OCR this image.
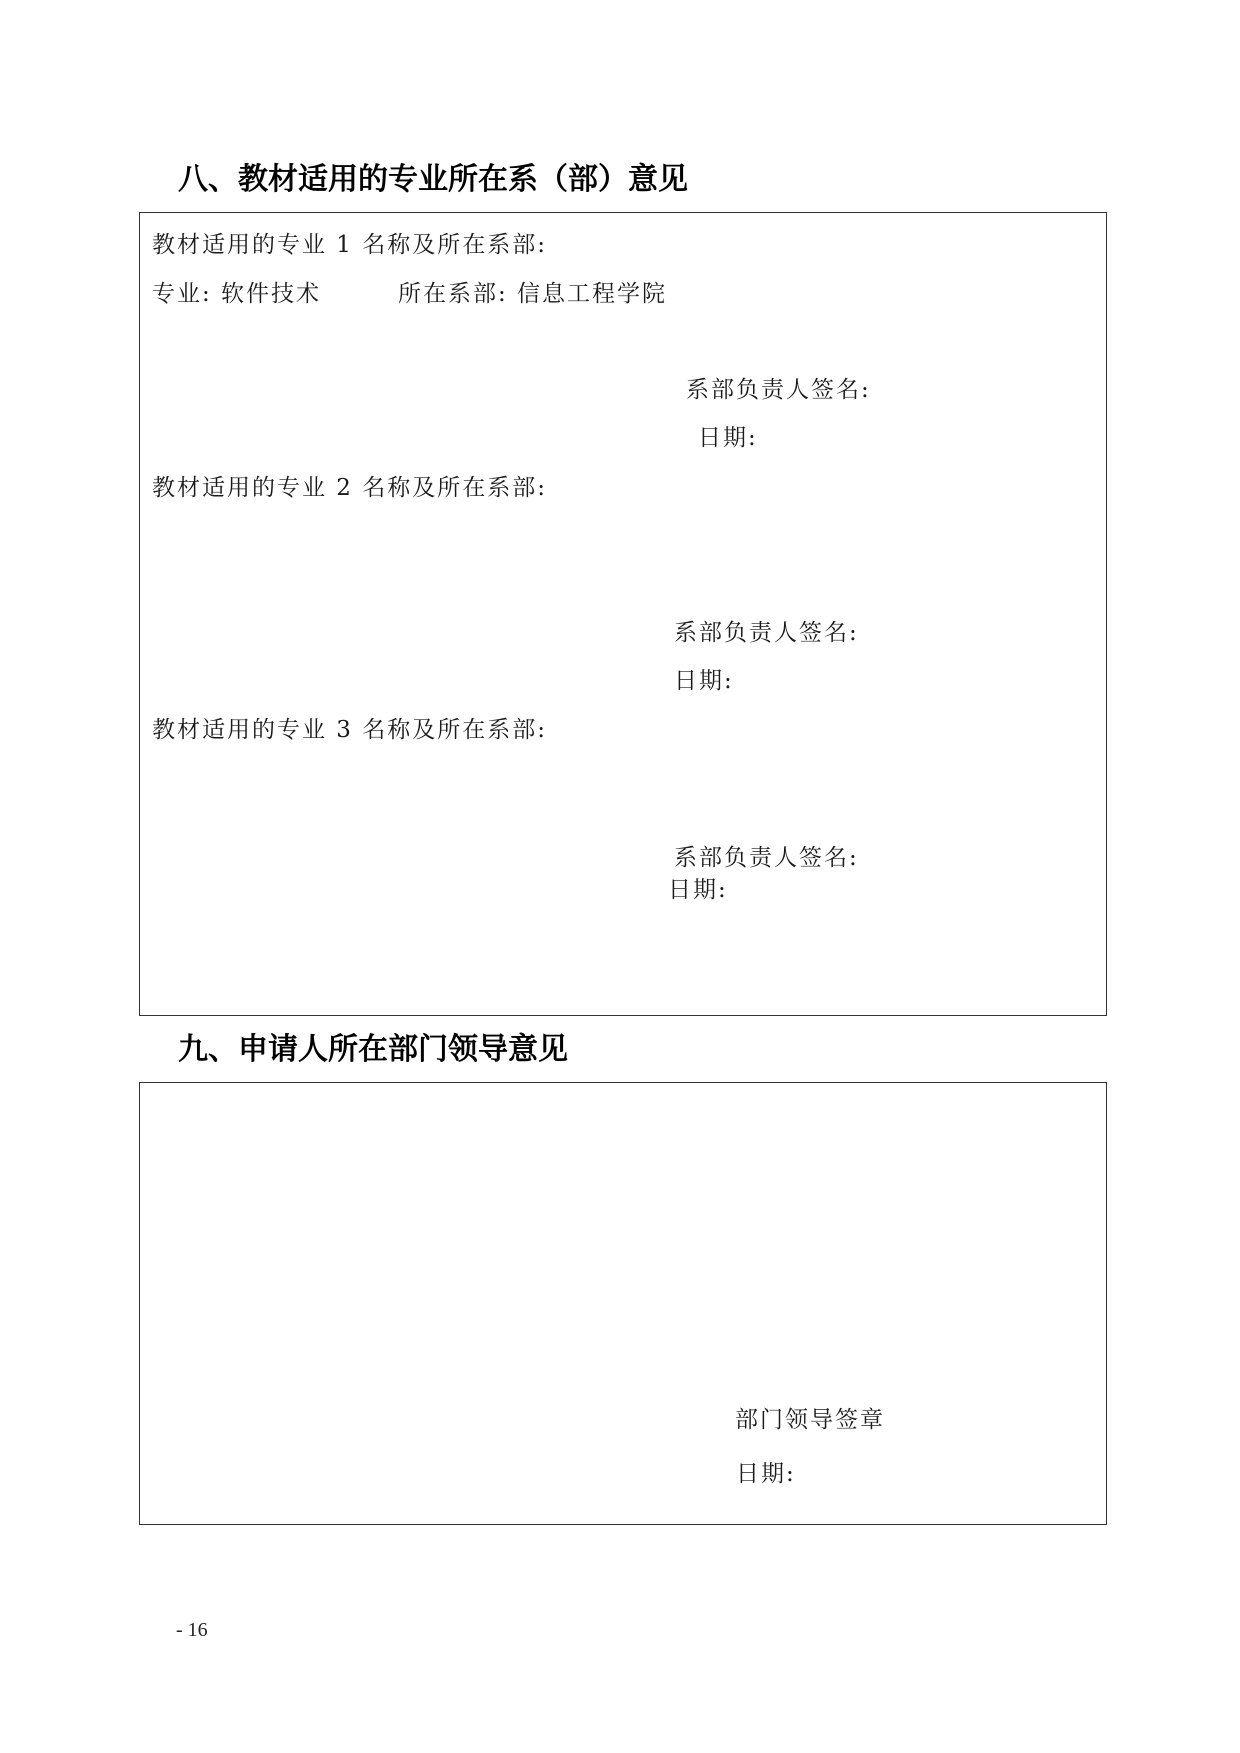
八、教材适用的专业所在系（部）意见
教材适用的专业 1 名称及所在系部:
专业: 软件技术	所在系部: 信息工程学院
系部负责人签名:
日期:
教材适用的专业 2 名称及所在系部:
系部负责人签名:
日期:
教材适用的专业 3 名称及所在系部:
系部负责人签名:
日期:
九、申请人所在部门领导意见
部门领导签章
日期:
- 16
